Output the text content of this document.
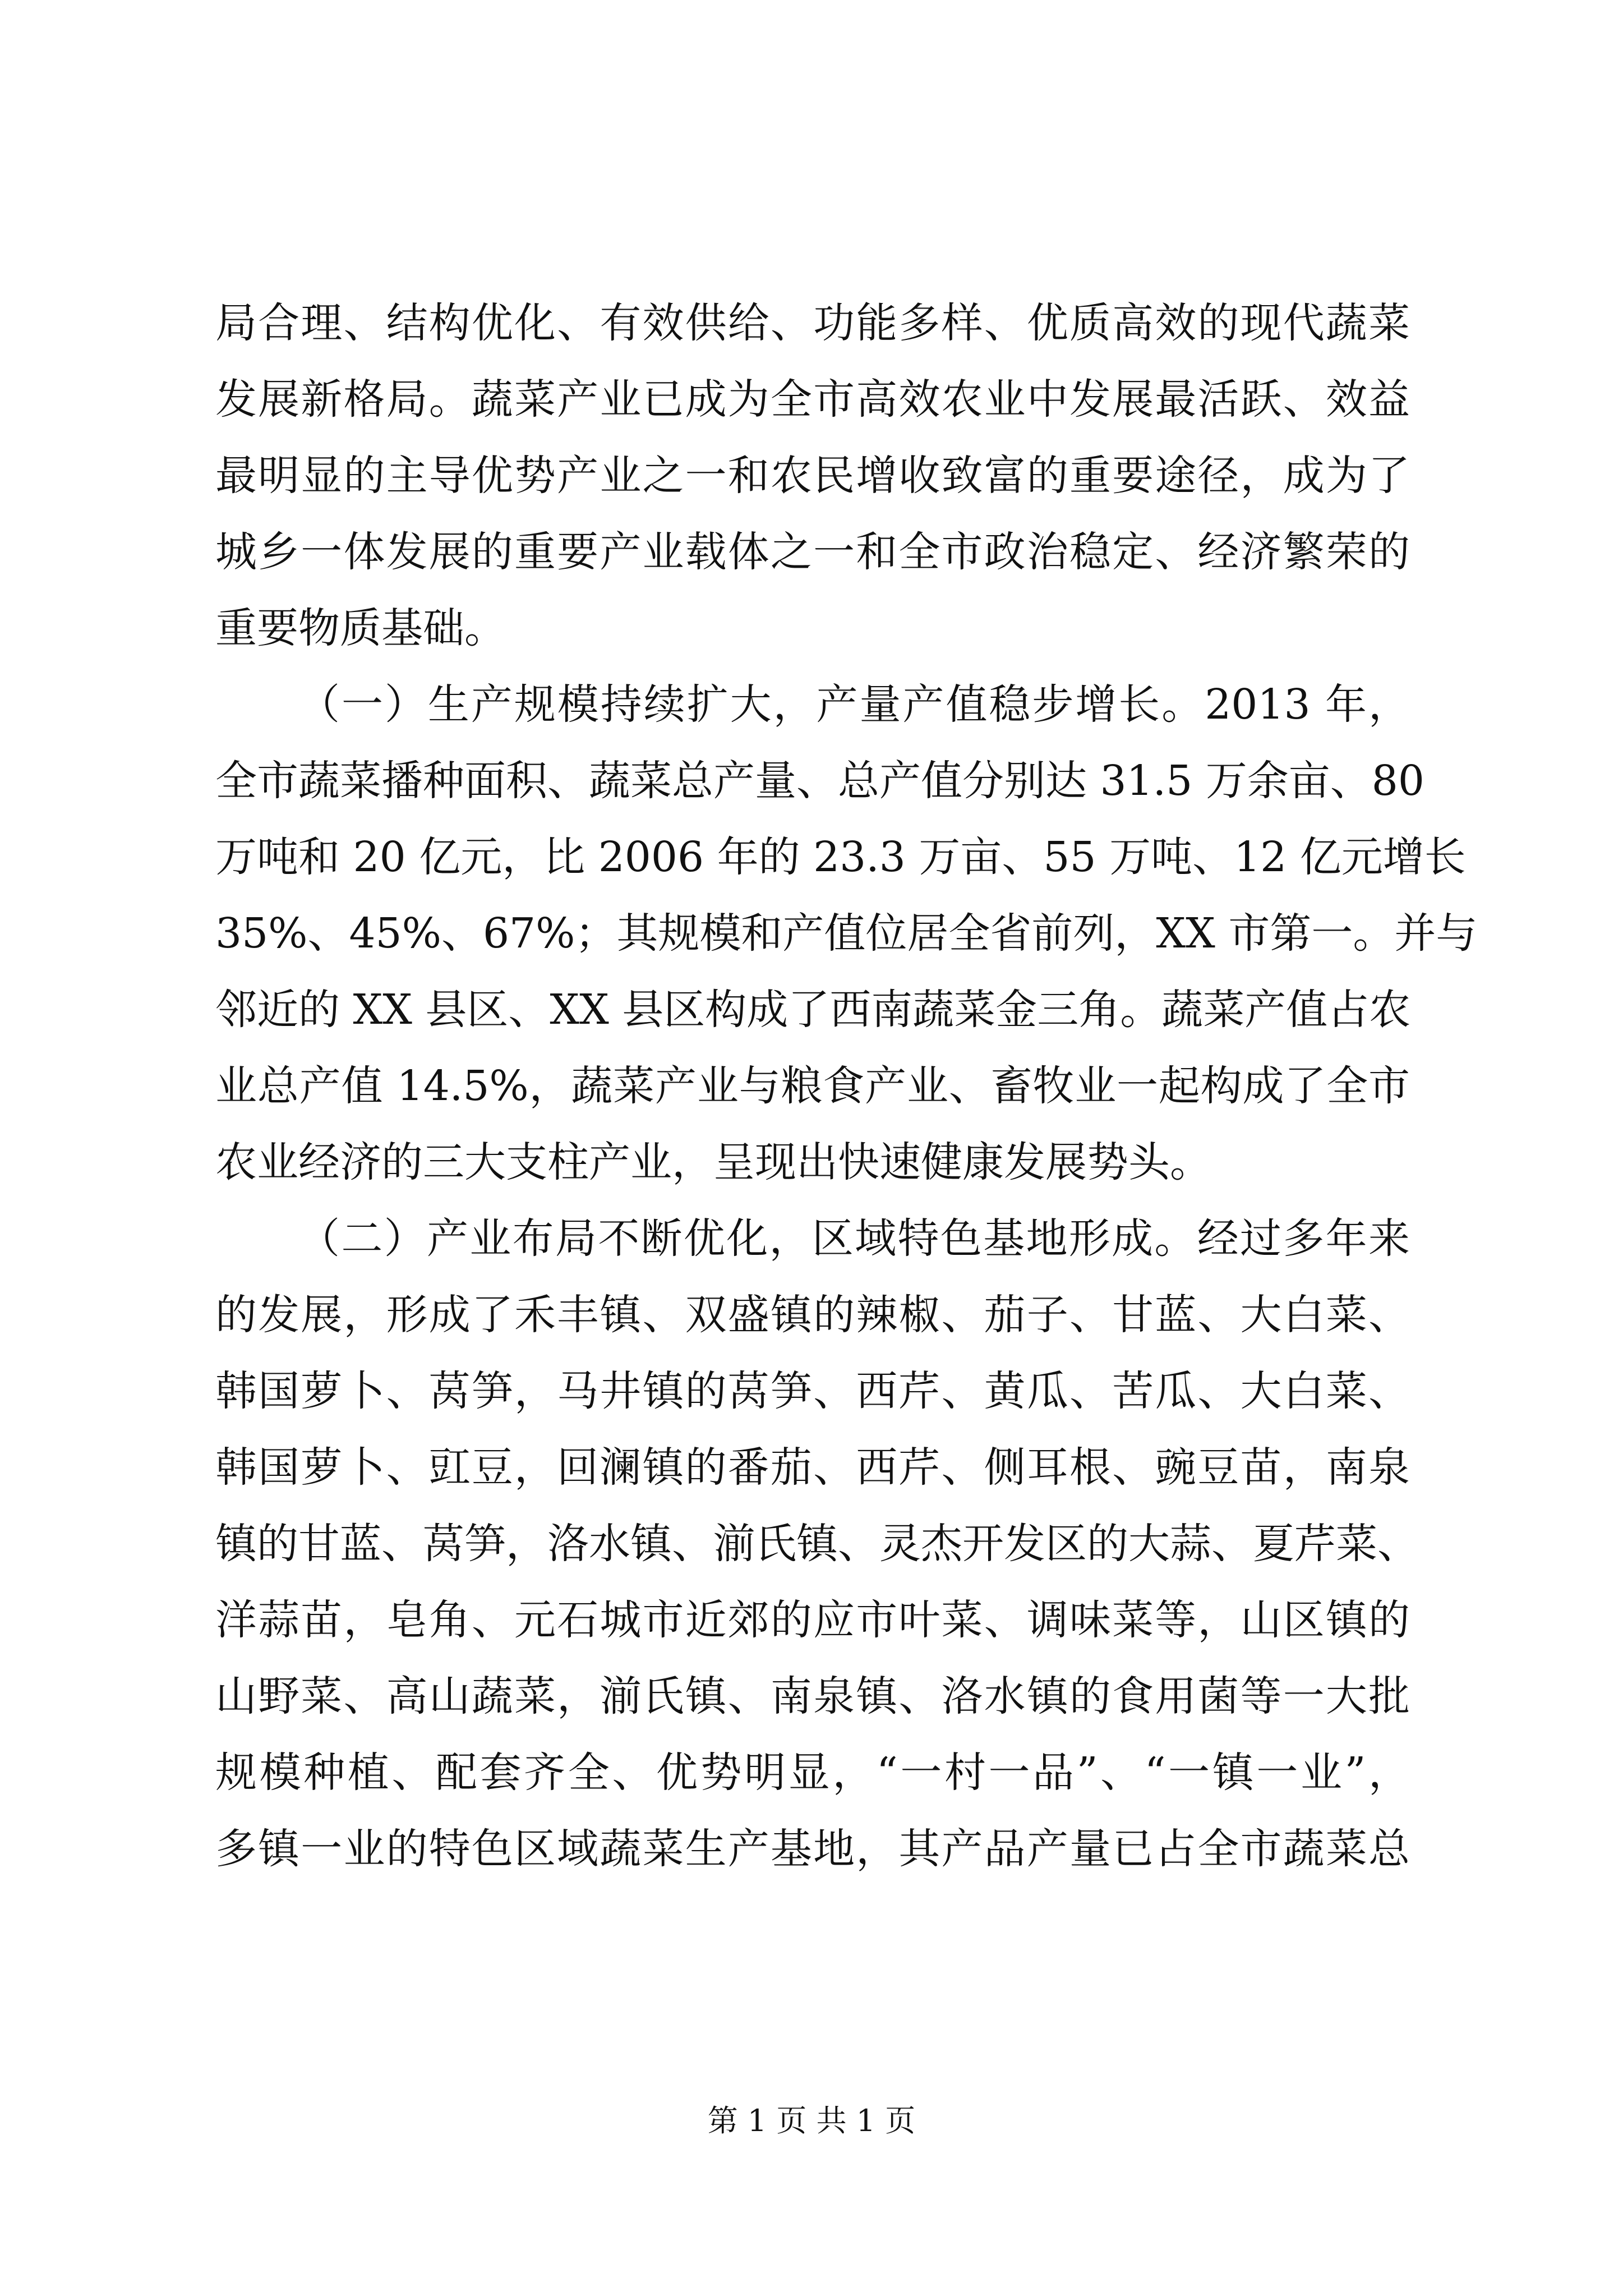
局合理、结构优化、有效供给、功能多样、优质高效的现代蔬菜
发展新格局。蔬菜产业已成为全市高效农业中发展最活跃、效益
最明显的主导优势产业之一和农民增收致富的重要途径，成为了
城乡一体发展的重要产业载体之一和全市政治稳定、经济繁荣的
重要物质基础。
（一）生产规模持续扩大，产量产值稳步增长。2013 年，
全市蔬菜播种面积、蔬菜总产量、总产值分别达 31.5 万余亩、80
万吨和 20 亿元，比 2006 年的 23.3 万亩、55 万吨、12 亿元增长
35%、45%、67%；其规模和产值位居全省前列，XX 市第一。并与
邻近的 XX 县区、XX 县区构成了西南蔬菜金三角。蔬菜产值占农
业总产值 14.5%，蔬菜产业与粮食产业、畜牧业一起构成了全市
农业经济的三大支柱产业，呈现出快速健康发展势头。
（二）产业布局不断优化，区域特色基地形成。经过多年来
的发展，形成了禾丰镇、双盛镇的辣椒、茄子、甘蓝、大白菜、
韩国萝卜、莴笋，马井镇的莴笋、西芹、黄瓜、苦瓜、大白菜、
韩国萝卜、豇豆，回澜镇的番茄、西芹、侧耳根、豌豆苗，南泉
镇的甘蓝、莴笋，洛水镇、湔氏镇、灵杰开发区的大蒜、夏芹菜、
洋蒜苗，皂角、元石城市近郊的应市叶菜、调味菜等，山区镇的
山野菜、高山蔬菜，湔氏镇、南泉镇、洛水镇的食用菌等一大批
规模种植、配套齐全、优势明显，“一村一品”、“一镇一业”，
多镇一业的特色区域蔬菜生产基地，其产品产量已占全市蔬菜总
第 1 页 共 1 页
